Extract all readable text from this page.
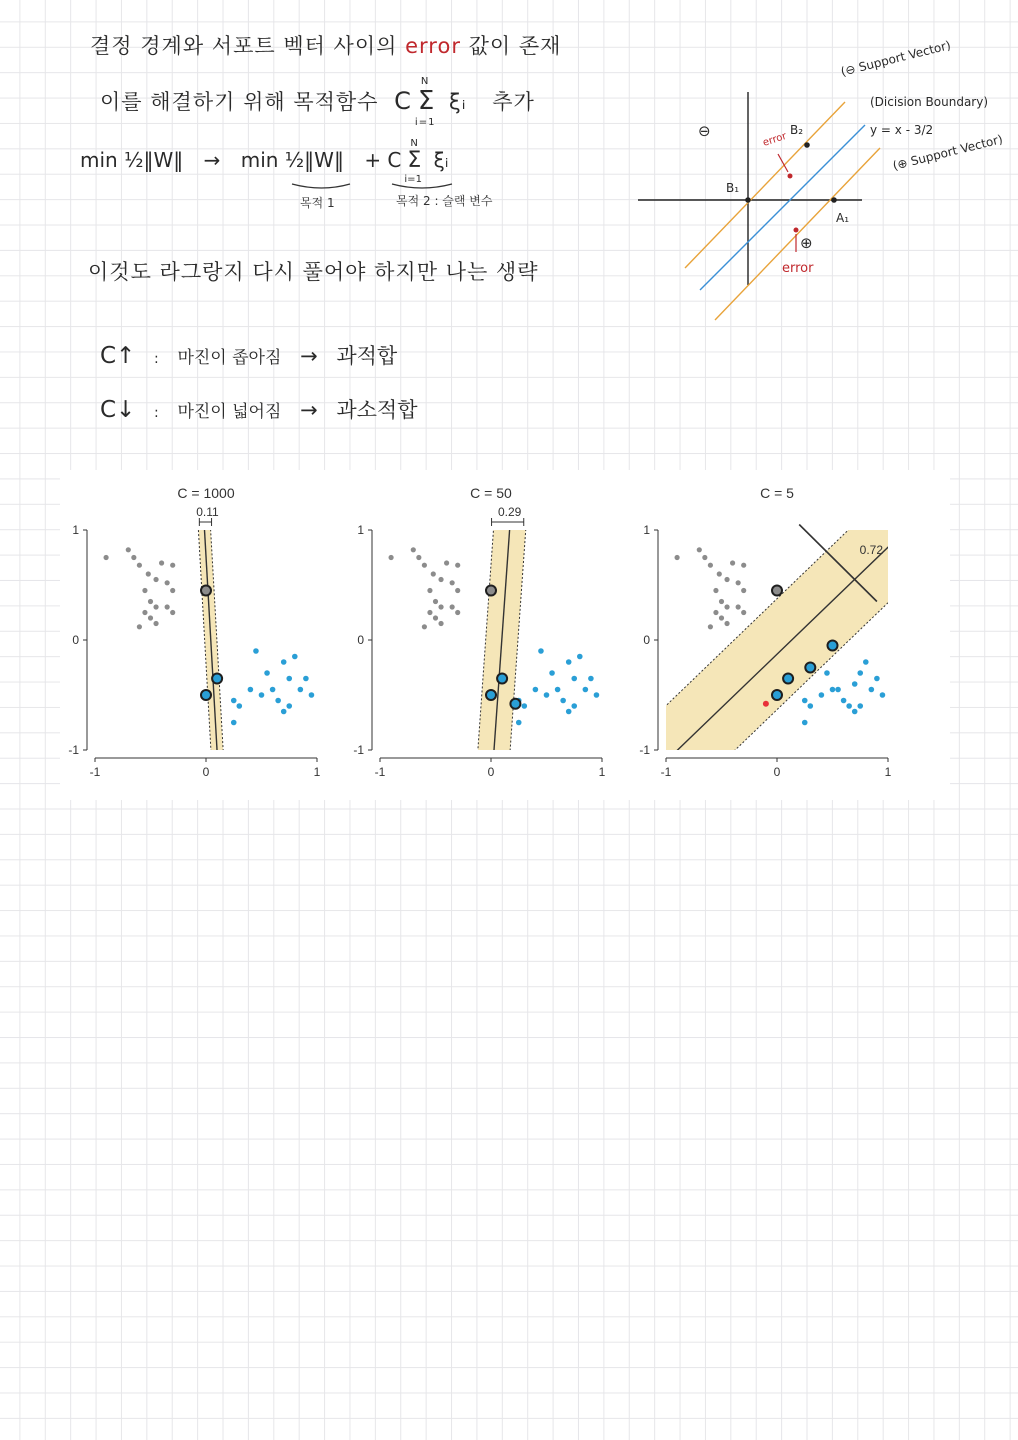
결정 경계와 서포트 벡터 사이의 error 값이 존재
이를 해결하기 위해 목적함수 C Σ
N
i=1
ξᵢ 추가
min ½‖W‖ → min ½‖W‖ + C Σ
N
i=1
ξᵢ
목적 1	목적 2 : 슬랙 변수
이것도 라그랑지 다시 풀어야 하지만 나는 생략
C↑ : 마진이 좁아짐 → 과적합
C↓ : 마진이 넓어짐 → 과소적합
(⊖ Support Vector)
(Dicision Boundary)
y = x - 3/2
(⊕ Support Vector)
⊖
⊕
B₁
B₂
A₁
error
error
1
0
-1
-1	0	1
C = 1000
0.11
1
0
-1
-1	0	1
C = 50
0.29
1
0
-1
-1	0	1
C = 5
0.72
